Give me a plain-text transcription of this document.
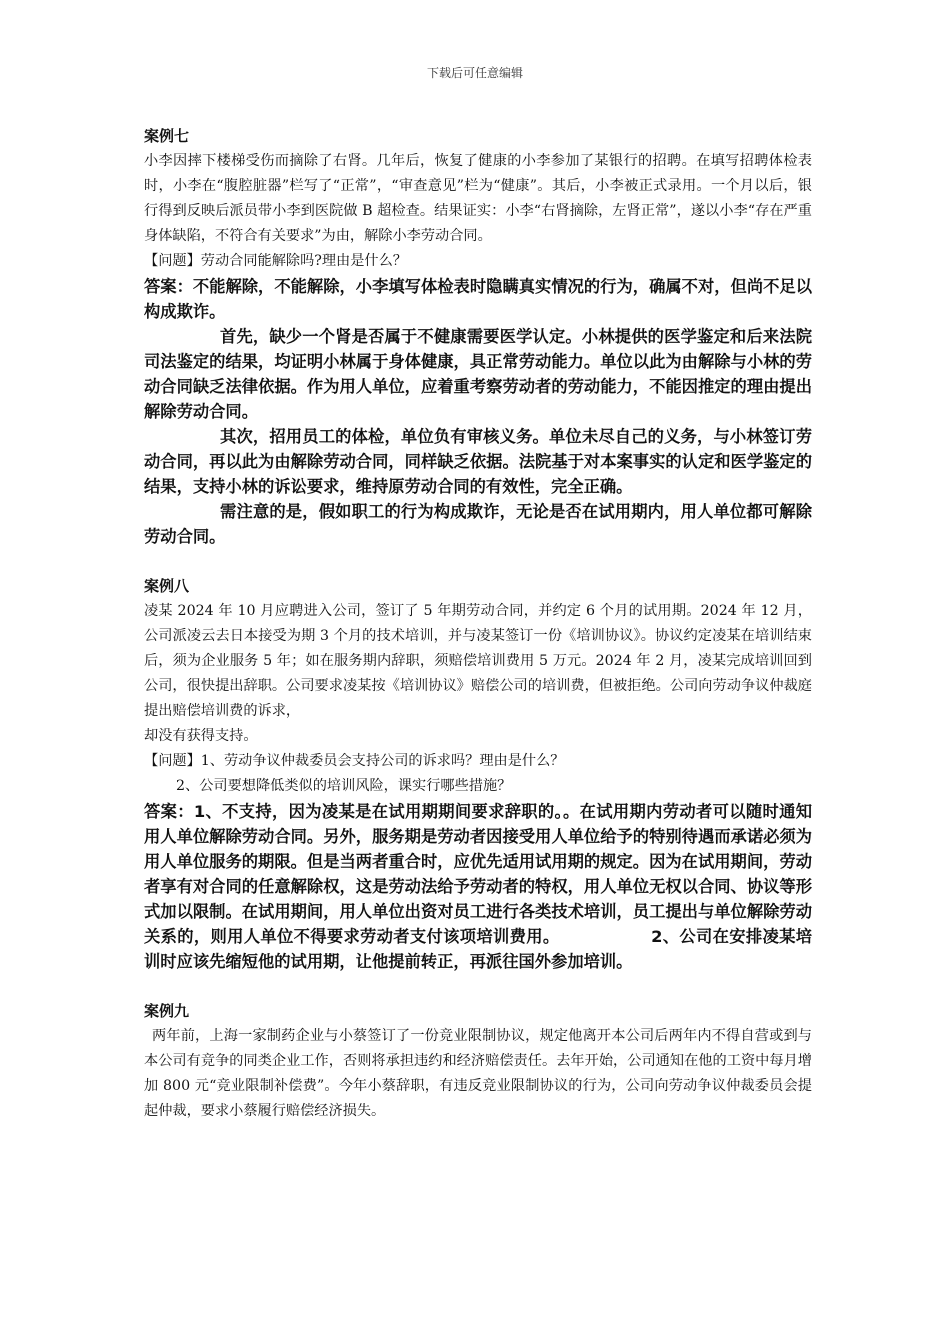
下载后可任意编辑

案例七

小李因摔下楼梯受伤而摘除了右肾。几年后，恢复了健康的小李参加了某银行的招聘。在填写招聘体检表时，小李在“腹腔脏器”栏写了“正常”，“审查意见”栏为“健康”。其后，小李被正式录用。一个月以后，银行得到反映后派员带小李到医院做 B 超检查。结果证实：小李“右肾摘除，左肾正常”，遂以小李“存在严重身体缺陷，不符合有关要求”为由，解除小李劳动合同。

【问题】劳动合同能解除吗?理由是什么？

答案：不能解除，不能解除，小李填写体检表时隐瞒真实情况的行为，确属不对，但尚不足以构成欺诈。

首先，缺少一个肾是否属于不健康需要医学认定。小林提供的医学鉴定和后来法院司法鉴定的结果，均证明小林属于身体健康，具正常劳动能力。单位以此为由解除与小林的劳动合同缺乏法律依据。作为用人单位，应着重考察劳动者的劳动能力，不能因推定的理由提出解除劳动合同。

其次，招用员工的体检，单位负有审核义务。单位未尽自己的义务，与小林签订劳动合同，再以此为由解除劳动合同，同样缺乏依据。法院基于对本案事实的认定和医学鉴定的结果，支持小林的诉讼要求，维持原劳动合同的有效性，完全正确。

需注意的是，假如职工的行为构成欺诈，无论是否在试用期内，用人单位都可解除劳动合同。

案例八

凌某 2024 年 10 月应聘进入公司，签订了 5 年期劳动合同，并约定 6 个月的试用期。2024 年 12 月，公司派凌云去日本接受为期 3 个月的技术培训，并与凌某签订一份《培训协议》。协议约定凌某在培训结束后，须为企业服务 5 年；如在服务期内辞职，须赔偿培训费用 5 万元。2024 年 2 月，凌某完成培训回到公司，很快提出辞职。公司要求凌某按《培训协议》赔偿公司的培训费，但被拒绝。公司向劳动争议仲裁庭提出赔偿培训费的诉求，

却没有获得支持。

【问题】1、劳动争议仲裁委员会支持公司的诉求吗？理由是什么？

2、公司要想降低类似的培训风险，课实行哪些措施？

答案：1、不支持，因为凌某是在试用期期间要求辞职的。。在试用期内劳动者可以随时通知用人单位解除劳动合同。另外，服务期是劳动者因接受用人单位给予的特别待遇而承诺必须为用人单位服务的期限。但是当两者重合时，应优先适用试用期的规定。因为在试用期间，劳动者享有对合同的任意解除权，这是劳动法给予劳动者的特权，用人单位无权以合同、协议等形式加以限制。在试用期间，用人单位出资对员工进行各类技术培训，员工提出与单位解除劳动关系的，则用人单位不得要求劳动者支付该项培训费用。　　　　　　2、公司在安排凌某培训时应该先缩短他的试用期，让他提前转正，再派往国外参加培训。

案例九

两年前，上海一家制药企业与小蔡签订了一份竞业限制协议，规定他离开本公司后两年内不得自营或到与本公司有竞争的同类企业工作，否则将承担违约和经济赔偿责任。去年开始，公司通知在他的工资中每月增加 800 元“竞业限制补偿费”。今年小蔡辞职，有违反竞业限制协议的行为，公司向劳动争议仲裁委员会提起仲裁，要求小蔡履行赔偿经济损失。
